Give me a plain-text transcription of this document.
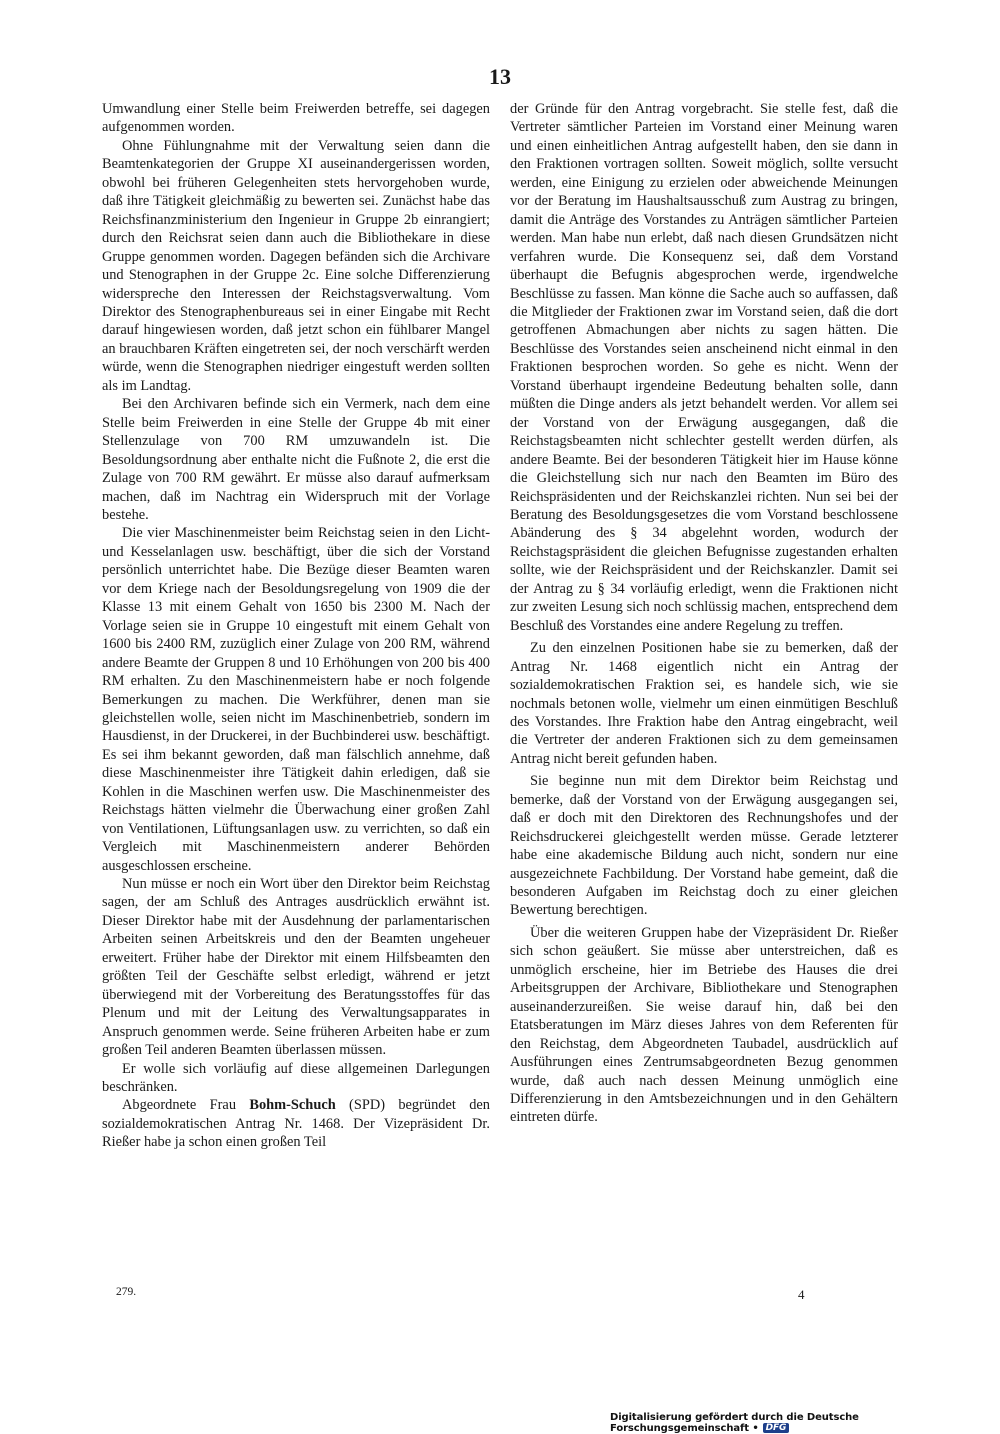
13

Umwandlung einer Stelle beim Freiwerden betreffe, sei dagegen aufgenommen worden.

Ohne Fühlungnahme mit der Verwaltung seien dann die Beamtenkategorien der Gruppe XI auseinandergerissen worden, obwohl bei früheren Gelegenheiten stets hervorgehoben wurde, daß ihre Tätigkeit gleichmäßig zu bewerten sei. Zunächst habe das Reichsfinanzministerium den Ingenieur in Gruppe 2b einrangiert; durch den Reichsrat seien dann auch die Bibliothekare in diese Gruppe genommen worden. Dagegen befänden sich die Archivare und Stenographen in der Gruppe 2c. Eine solche Differenzierung widerspreche den Interessen der Reichstagsverwaltung. Vom Direktor des Stenographenbureaus sei in einer Eingabe mit Recht darauf hingewiesen worden, daß jetzt schon ein fühlbarer Mangel an brauchbaren Kräften eingetreten sei, der noch verschärft werden würde, wenn die Stenographen niedriger eingestuft werden sollten als im Landtag.

Bei den Archivaren befinde sich ein Vermerk, nach dem eine Stelle beim Freiwerden in eine Stelle der Gruppe 4b mit einer Stellenzulage von 700 RM umzuwandeln ist. Die Besoldungsordnung aber enthalte nicht die Fußnote 2, die erst die Zulage von 700 RM gewährt. Er müsse also darauf aufmerksam machen, daß im Nachtrag ein Widerspruch mit der Vorlage bestehe.

Die vier Maschinenmeister beim Reichstag seien in den Licht- und Kesselanlagen usw. beschäftigt, über die sich der Vorstand persönlich unterrichtet habe. Die Bezüge dieser Beamten waren vor dem Kriege nach der Besoldungsregelung von 1909 die der Klasse 13 mit einem Gehalt von 1650 bis 2300 M. Nach der Vorlage seien sie in Gruppe 10 eingestuft mit einem Gehalt von 1600 bis 2400 RM, zuzüglich einer Zulage von 200 RM, während andere Beamte der Gruppen 8 und 10 Erhöhungen von 200 bis 400 RM erhalten. Zu den Maschinenmeistern habe er noch folgende Bemerkungen zu machen. Die Werkführer, denen man sie gleichstellen wolle, seien nicht im Maschinenbetrieb, sondern im Hausdienst, in der Druckerei, in der Buchbinderei usw. beschäftigt. Es sei ihm bekannt geworden, daß man fälschlich annehme, daß diese Maschinenmeister ihre Tätigkeit dahin erledigen, daß sie Kohlen in die Maschinen werfen usw. Die Maschinenmeister des Reichstags hätten vielmehr die Überwachung einer großen Zahl von Ventilationen, Lüftungsanlagen usw. zu verrichten, so daß ein Vergleich mit Maschinenmeistern anderer Behörden ausgeschlossen erscheine.

Nun müsse er noch ein Wort über den Direktor beim Reichstag sagen, der am Schluß des Antrages ausdrücklich erwähnt ist. Dieser Direktor habe mit der Ausdehnung der parlamentarischen Arbeiten seinen Arbeitskreis und den der Beamten ungeheuer erweitert. Früher habe der Direktor mit einem Hilfsbeamten den größten Teil der Geschäfte selbst erledigt, während er jetzt überwiegend mit der Vorbereitung des Beratungsstoffes für das Plenum und mit der Leitung des Verwaltungsapparates in Anspruch genommen werde. Seine früheren Arbeiten habe er zum großen Teil anderen Beamten überlassen müssen.

Er wolle sich vorläufig auf diese allgemeinen Darlegungen beschränken.

Abgeordnete Frau Bohm-Schuch (SPD) begründet den sozialdemokratischen Antrag Nr. 1468. Der Vizepräsident Dr. Rießer habe ja schon einen großen Teil

der Gründe für den Antrag vorgebracht. Sie stelle fest, daß die Vertreter sämtlicher Parteien im Vorstand einer Meinung waren und einen einheitlichen Antrag aufgestellt haben, den sie dann in den Fraktionen vortragen sollten. Soweit möglich, sollte versucht werden, eine Einigung zu erzielen oder abweichende Meinungen vor der Beratung im Haushaltsausschuß zum Austrag zu bringen, damit die Anträge des Vorstandes zu Anträgen sämtlicher Parteien werden. Man habe nun erlebt, daß nach diesen Grundsätzen nicht verfahren wurde. Die Konsequenz sei, daß dem Vorstand überhaupt die Befugnis abgesprochen werde, irgendwelche Beschlüsse zu fassen. Man könne die Sache auch so auffassen, daß die Mitglieder der Fraktionen zwar im Vorstand seien, daß die dort getroffenen Abmachungen aber nichts zu sagen hätten. Die Beschlüsse des Vorstandes seien anscheinend nicht einmal in den Fraktionen besprochen worden. So gehe es nicht. Wenn der Vorstand überhaupt irgendeine Bedeutung behalten solle, dann müßten die Dinge anders als jetzt behandelt werden. Vor allem sei der Vorstand von der Erwägung ausgegangen, daß die Reichstagsbeamten nicht schlechter gestellt werden dürfen, als andere Beamte. Bei der besonderen Tätigkeit hier im Hause könne die Gleichstellung sich nur nach den Beamten im Büro des Reichspräsidenten und der Reichskanzlei richten. Nun sei bei der Beratung des Besoldungsgesetzes die vom Vorstand beschlossene Abänderung des § 34 abgelehnt worden, wodurch der Reichstagspräsident die gleichen Befugnisse zugestanden erhalten sollte, wie der Reichspräsident und der Reichskanzler. Damit sei der Antrag zu § 34 vorläufig erledigt, wenn die Fraktionen nicht zur zweiten Lesung sich noch schlüssig machen, entsprechend dem Beschluß des Vorstandes eine andere Regelung zu treffen.

Zu den einzelnen Positionen habe sie zu bemerken, daß der Antrag Nr. 1468 eigentlich nicht ein Antrag der sozialdemokratischen Fraktion sei, es handele sich, wie sie nochmals betonen wolle, vielmehr um einen einmütigen Beschluß des Vorstandes. Ihre Fraktion habe den Antrag eingebracht, weil die Vertreter der anderen Fraktionen sich zu dem gemeinsamen Antrag nicht bereit gefunden haben.

Sie beginne nun mit dem Direktor beim Reichstag und bemerke, daß der Vorstand von der Erwägung ausgegangen sei, daß er doch mit den Direktoren des Rechnungshofes und der Reichsdruckerei gleichgestellt werden müsse. Gerade letzterer habe eine akademische Bildung auch nicht, sondern nur eine ausgezeichnete Fachbildung. Der Vorstand habe gemeint, daß die besonderen Aufgaben im Reichstag doch zu einer gleichen Bewertung berechtigen.

Über die weiteren Gruppen habe der Vizepräsident Dr. Rießer sich schon geäußert. Sie müsse aber unterstreichen, daß es unmöglich erscheine, hier im Betriebe des Hauses die drei Arbeitsgruppen der Archivare, Bibliothekare und Stenographen auseinanderzureißen. Sie weise darauf hin, daß bei den Etatsberatungen im März dieses Jahres von dem Referenten für den Reichstag, dem Abgeordneten Taubadel, ausdrücklich auf Ausführungen eines Zentrumsabgeordneten Bezug genommen wurde, daß auch nach dessen Meinung unmöglich eine Differenzierung in den Amtsbezeichnungen und in den Gehältern eintreten dürfe.

279.	4
Digitalisierung gefördert durch die Deutsche Forschungsgemeinschaft • DFG
